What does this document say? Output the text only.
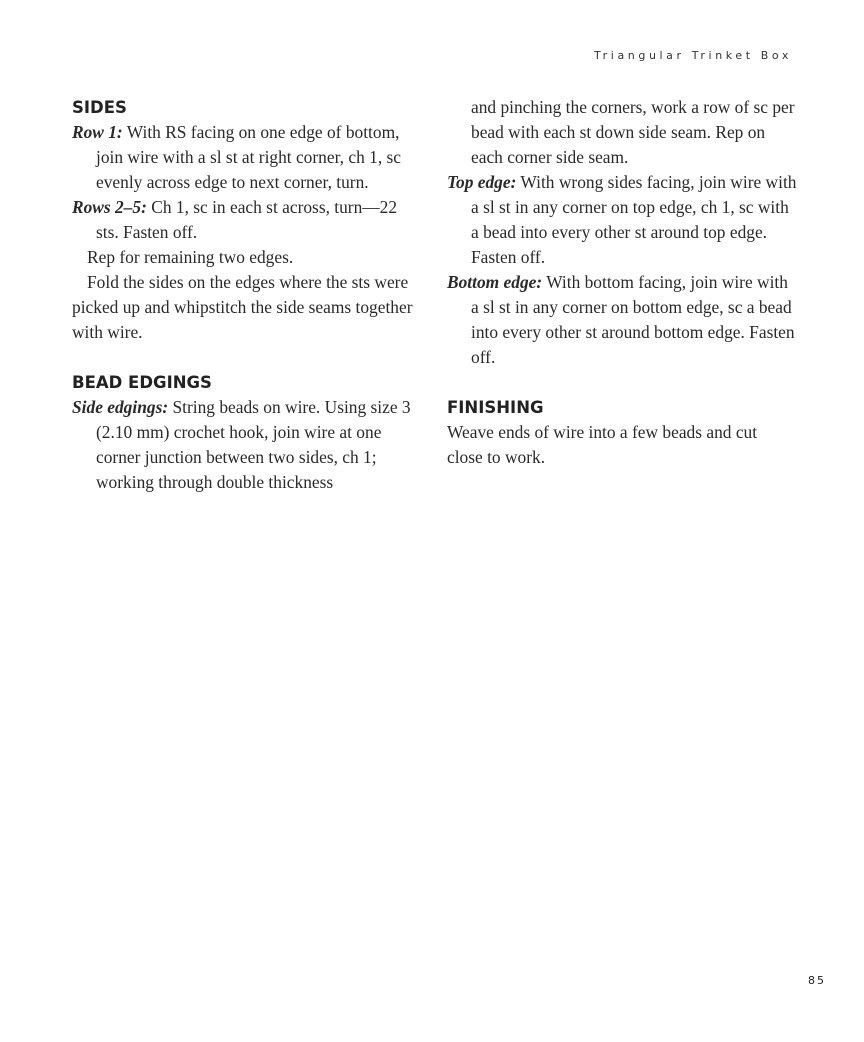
Triangular Trinket Box
SIDES

Row 1: With RS facing on one edge of bottom, join wire with a sl st at right corner, ch 1, sc evenly across edge to next corner, turn.

Rows 2–5: Ch 1, sc in each st across, turn—22 sts. Fasten off.

Rep for remaining two edges.

Fold the sides on the edges where the sts were picked up and whipstitch the side seams together with wire.

BEAD EDGINGS

Side edgings: String beads on wire. Using size 3 (2.10 mm) crochet hook, join wire at one corner junction between two sides, ch 1; working through double thickness

and pinching the corners, work a row of sc per bead with each st down side seam. Rep on each corner side seam.

Top edge: With wrong sides facing, join wire with a sl st in any corner on top edge, ch 1, sc with a bead into every other st around top edge. Fasten off.

Bottom edge: With bottom facing, join wire with a sl st in any corner on bottom edge, sc a bead into every other st around bottom edge. Fasten off.

FINISHING

Weave ends of wire into a few beads and cut close to work.

85
